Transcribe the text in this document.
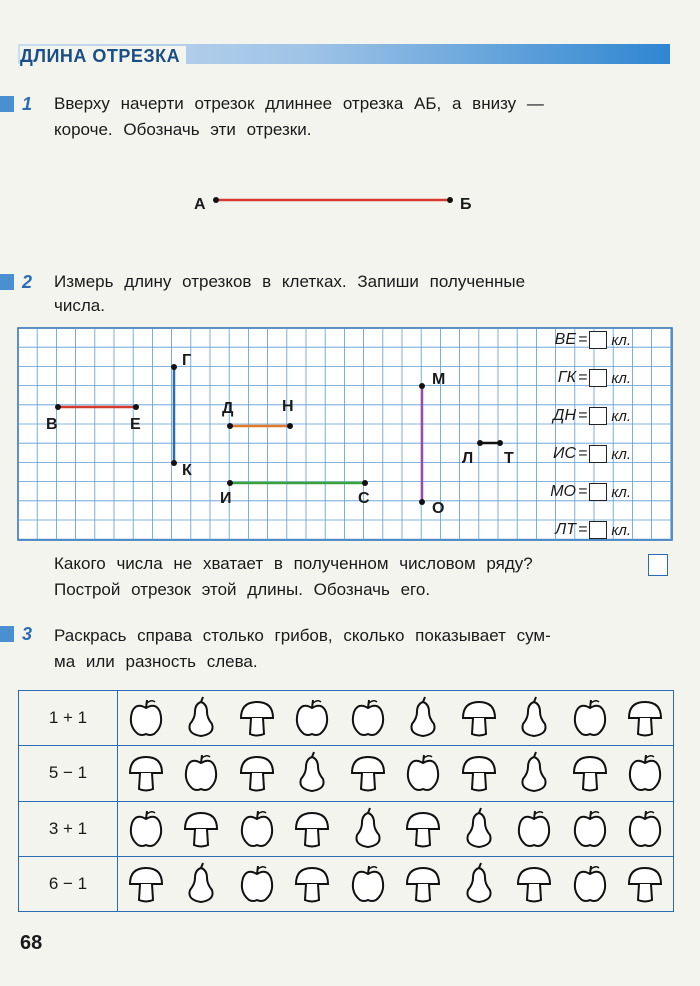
ДЛИНА ОТРЕЗКА
1 Вверху начерти отрезок длиннее отрезка АБ, а внизу —
короче. Обозначь эти отрезки.
А	Б
2 Измерь длину отрезков в клетках. Запиши полученные
числа.
В	Е
Г
К
Д	Н
И	С
М
О
Л Т
ВЕ = кл.
ГК = кл.
ДН = кл.
ИС = кл.
МО = кл.
ЛТ = кл.
Какого числа не хватает в полученном числовом ряду?
Построй отрезок этой длины. Обозначь его.
3 Раскрась справа столько грибов, сколько показывает сум-
ма или разность слева.
1 + 1	

5 − 1	

3 + 1	

6 − 1	
68
